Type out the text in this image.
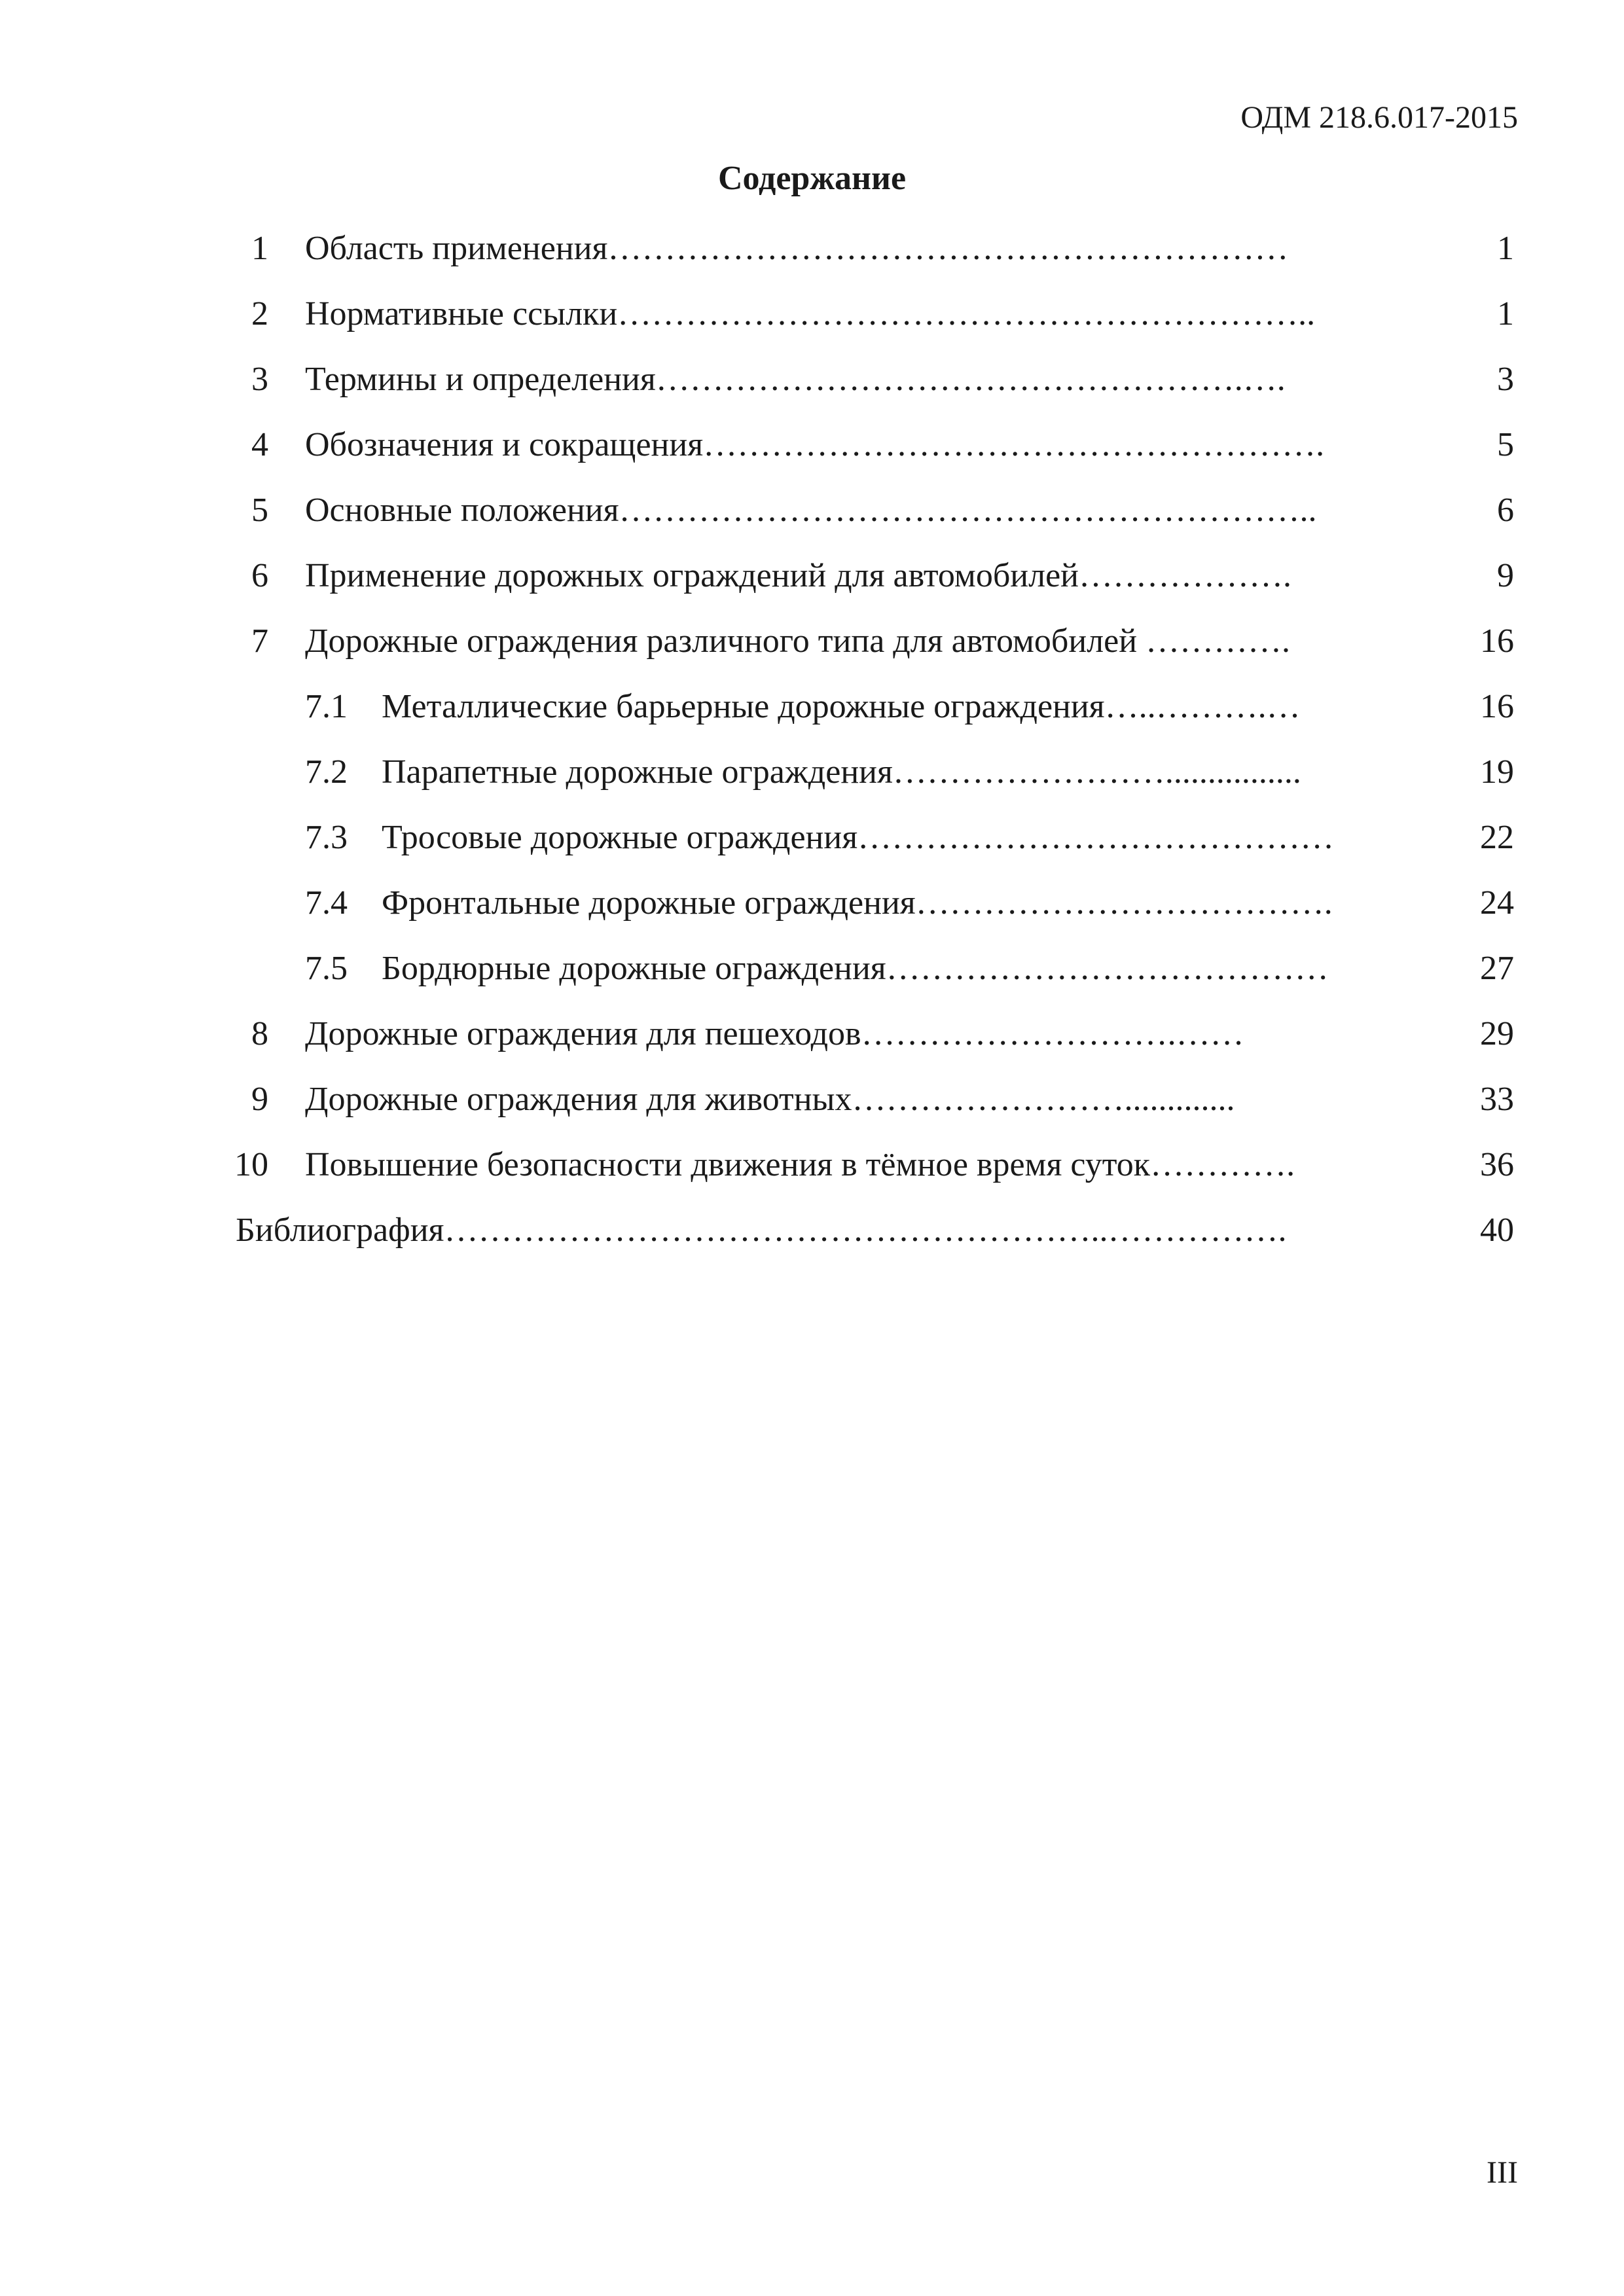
ОДМ 218.6.017-2015
Содержание
1 Область применения……………………………………………………	1
2 Нормативные ссылки……………………………………………………..	1
3 Термины и определения…………………………………………….….	3
4 Обозначения и сокращения……………………………………………….	5
5 Основные положения……………………………………………………..	6
6 Применение дорожных ограждений для автомобилей……………….	9
7 Дорожные ограждения различного типа для автомобилей ………….	16
7.1 Металлические барьерные дорожные ограждения…..……….…	16
7.2 Парапетные дорожные ограждения……………………................	19
7.3 Тросовые дорожные ограждения……………………………………	22
7.4 Фронтальные дорожные ограждения……………………………….	24
7.5 Бордюрные дорожные ограждения…………………………………	27
8 Дорожные ограждения для пешеходов……………………….……	29
9 Дорожные ограждения для животных…………………….............	33
10 Повышение безопасности движения в тёмное время суток………….	36
Библиография…………………………………………………..…………….	40
III
